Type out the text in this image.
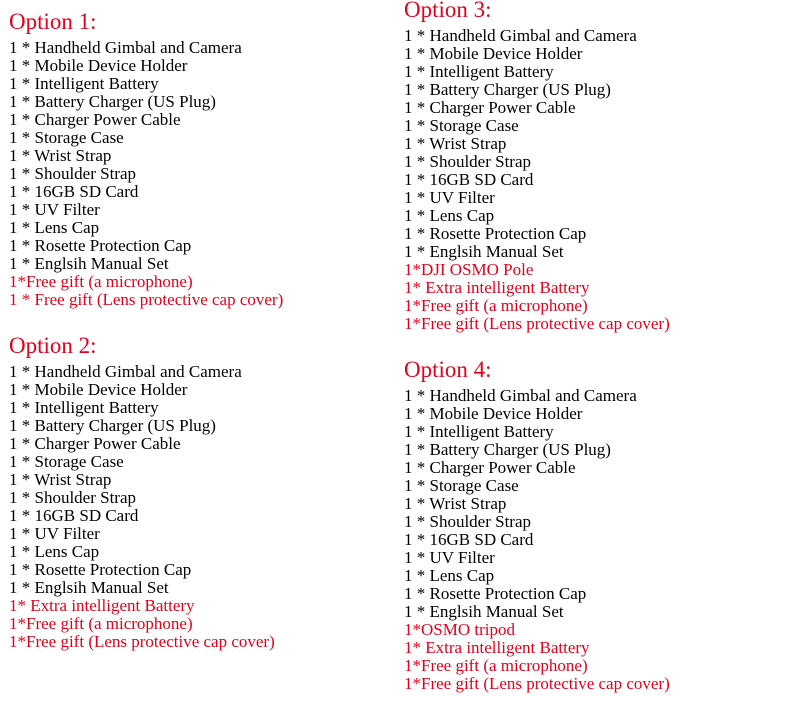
Option 1:
1 * Handheld Gimbal and Camera
1 * Mobile Device Holder
1 * Intelligent Battery
1 * Battery Charger (US Plug)
1 * Charger Power Cable
1 * Storage Case
1 * Wrist Strap
1 * Shoulder Strap
1 * 16GB SD Card
1 * UV Filter
1 * Lens Cap
1 * Rosette Protection Cap
1 * Englsih Manual Set
1*Free gift (a microphone)
1 * Free gift (Lens protective cap cover)
Option 2:
1 * Handheld Gimbal and Camera
1 * Mobile Device Holder
1 * Intelligent Battery
1 * Battery Charger (US Plug)
1 * Charger Power Cable
1 * Storage Case
1 * Wrist Strap
1 * Shoulder Strap
1 * 16GB SD Card
1 * UV Filter
1 * Lens Cap
1 * Rosette Protection Cap
1 * Englsih Manual Set
1* Extra intelligent Battery
1*Free gift (a microphone)
1*Free gift (Lens protective cap cover)
Option 3:
1 * Handheld Gimbal and Camera
1 * Mobile Device Holder
1 * Intelligent Battery
1 * Battery Charger (US Plug)
1 * Charger Power Cable
1 * Storage Case
1 * Wrist Strap
1 * Shoulder Strap
1 * 16GB SD Card
1 * UV Filter
1 * Lens Cap
1 * Rosette Protection Cap
1 * Englsih Manual Set
1*DJI OSMO Pole
1* Extra intelligent Battery
1*Free gift (a microphone)
1*Free gift (Lens protective cap cover)
Option 4:
1 * Handheld Gimbal and Camera
1 * Mobile Device Holder
1 * Intelligent Battery
1 * Battery Charger (US Plug)
1 * Charger Power Cable
1 * Storage Case
1 * Wrist Strap
1 * Shoulder Strap
1 * 16GB SD Card
1 * UV Filter
1 * Lens Cap
1 * Rosette Protection Cap
1 * Englsih Manual Set
1*OSMO tripod
1* Extra intelligent Battery
1*Free gift (a microphone)
1*Free gift (Lens protective cap cover)
